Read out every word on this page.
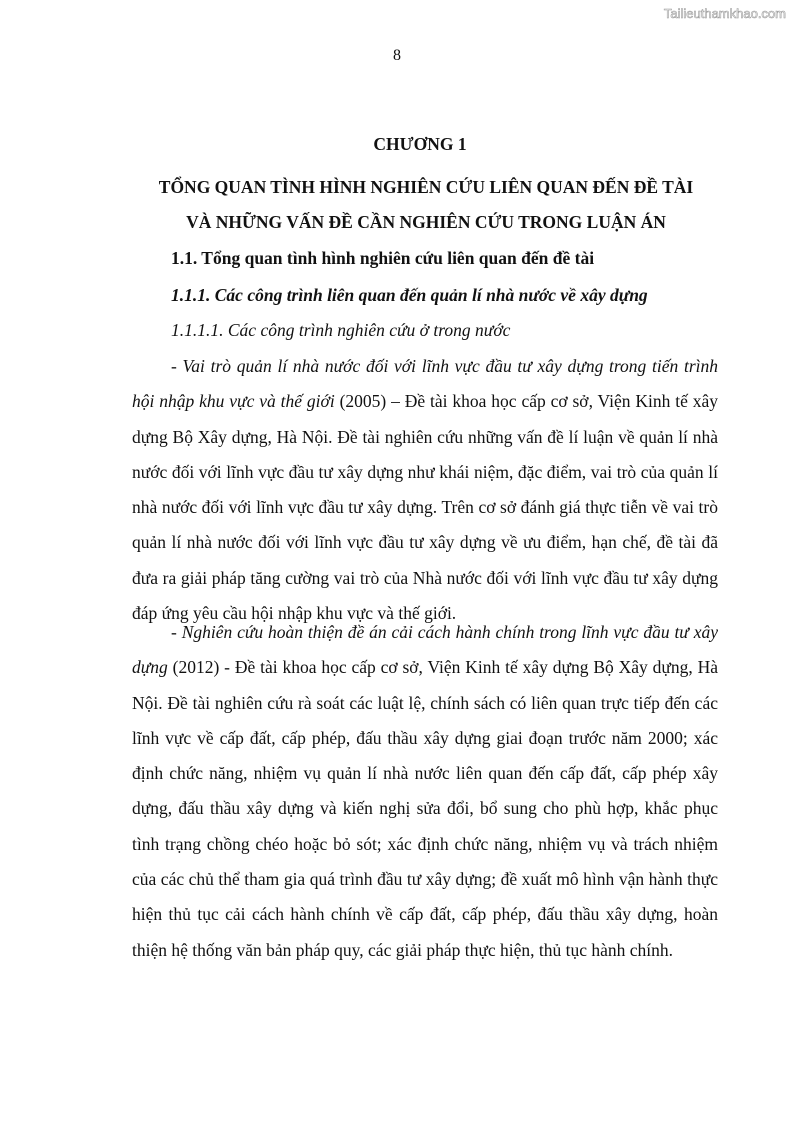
Tailieuthamkhao.com
8
CHƯƠNG 1
TỔNG QUAN TÌNH HÌNH NGHIÊN CỨU LIÊN QUAN ĐẾN ĐỀ TÀI
VÀ NHỮNG VẤN ĐỀ CẦN NGHIÊN CỨU TRONG LUẬN ÁN
1.1. Tổng quan tình hình nghiên cứu liên quan đến đề tài
1.1.1. Các công trình liên quan đến quản lí nhà nước về xây dựng
1.1.1.1. Các công trình nghiên cứu ở trong nước

- Vai trò quản lí nhà nước đối với lĩnh vực đầu tư xây dựng trong tiến trình hội nhập khu vực và thế giới (2005) – Đề tài khoa học cấp cơ sở, Viện Kinh tế xây dựng Bộ Xây dựng, Hà Nội. Đề tài nghiên cứu những vấn đề lí luận về quản lí nhà nước đối với lĩnh vực đầu tư xây dựng như khái niệm, đặc điểm, vai trò của quản lí nhà nước đối với lĩnh vực đầu tư xây dựng. Trên cơ sở đánh giá thực tiễn về vai trò quản lí nhà nước đối với lĩnh vực đầu tư xây dựng về ưu điểm, hạn chế, đề tài đã đưa ra giải pháp tăng cường vai trò của Nhà nước đối với lĩnh vực đầu tư xây dựng đáp ứng yêu cầu hội nhập khu vực và thế giới.

- Nghiên cứu hoàn thiện đề án cải cách hành chính trong lĩnh vực đầu tư xây dựng (2012) - Đề tài khoa học cấp cơ sở, Viện Kinh tế xây dựng Bộ Xây dựng, Hà Nội. Đề tài nghiên cứu rà soát các luật lệ, chính sách có liên quan trực tiếp đến các lĩnh vực về cấp đất, cấp phép, đấu thầu xây dựng giai đoạn trước năm 2000; xác định chức năng, nhiệm vụ quản lí nhà nước liên quan đến cấp đất, cấp phép xây dựng, đấu thầu xây dựng và kiến nghị sửa đổi, bổ sung cho phù hợp, khắc phục tình trạng chồng chéo hoặc bỏ sót; xác định chức năng, nhiệm vụ và trách nhiệm của các chủ thể tham gia quá trình đầu tư xây dựng; đề xuất mô hình vận hành thực hiện thủ tục cải cách hành chính về cấp đất, cấp phép, đấu thầu xây dựng, hoàn thiện hệ thống văn bản pháp quy, các giải pháp thực hiện, thủ tục hành chính.
